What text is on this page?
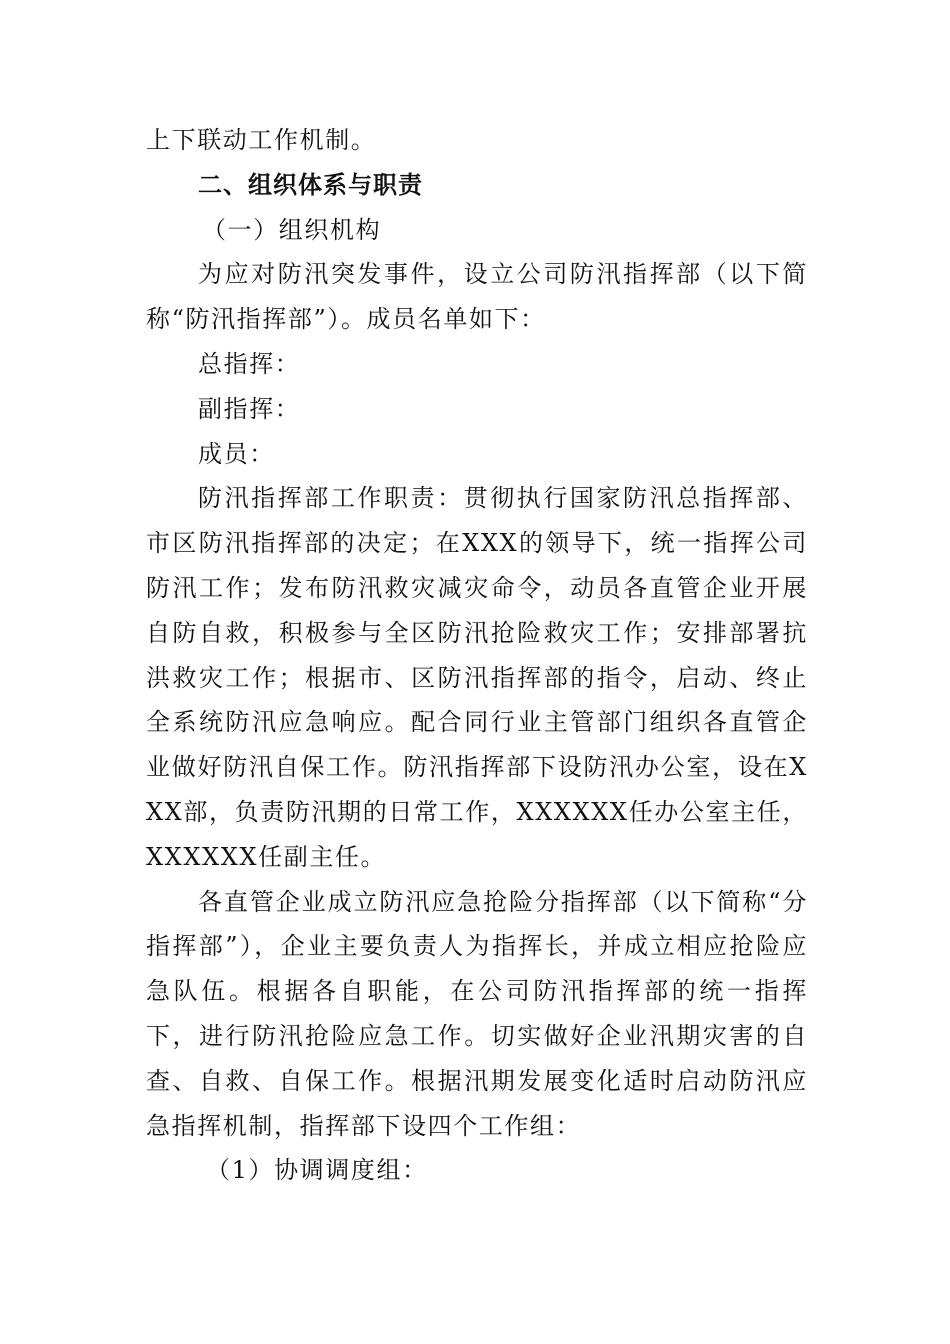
上下联动工作机制。

二、组织体系与职责

（一）组织机构

为应对防汛突发事件，设立公司防汛指挥部（以下简称“防汛指挥部”）。成员名单如下：

总指挥：

副指挥：

成员：

防汛指挥部工作职责：贯彻执行国家防汛总指挥部、市区防汛指挥部的决定；在XXX的领导下，统一指挥公司防汛工作；发布防汛救灾减灾命令，动员各直管企业开展自防自救，积极参与全区防汛抢险救灾工作；安排部署抗洪救灾工作；根据市、区防汛指挥部的指令，启动、终止全系统防汛应急响应。配合同行业主管部门组织各直管企业做好防汛自保工作。防汛指挥部下设防汛办公室，设在XXX部，负责防汛期的日常工作，XXXXXX任办公室主任，XXXXXX任副主任。

各直管企业成立防汛应急抢险分指挥部（以下简称“分指挥部”），企业主要负责人为指挥长，并成立相应抢险应急队伍。根据各自职能，在公司防汛指挥部的统一指挥下，进行防汛抢险应急工作。切实做好企业汛期灾害的自查、自救、自保工作。根据汛期发展变化适时启动防汛应急指挥机制，指挥部下设四个工作组：

（1）协调调度组：
